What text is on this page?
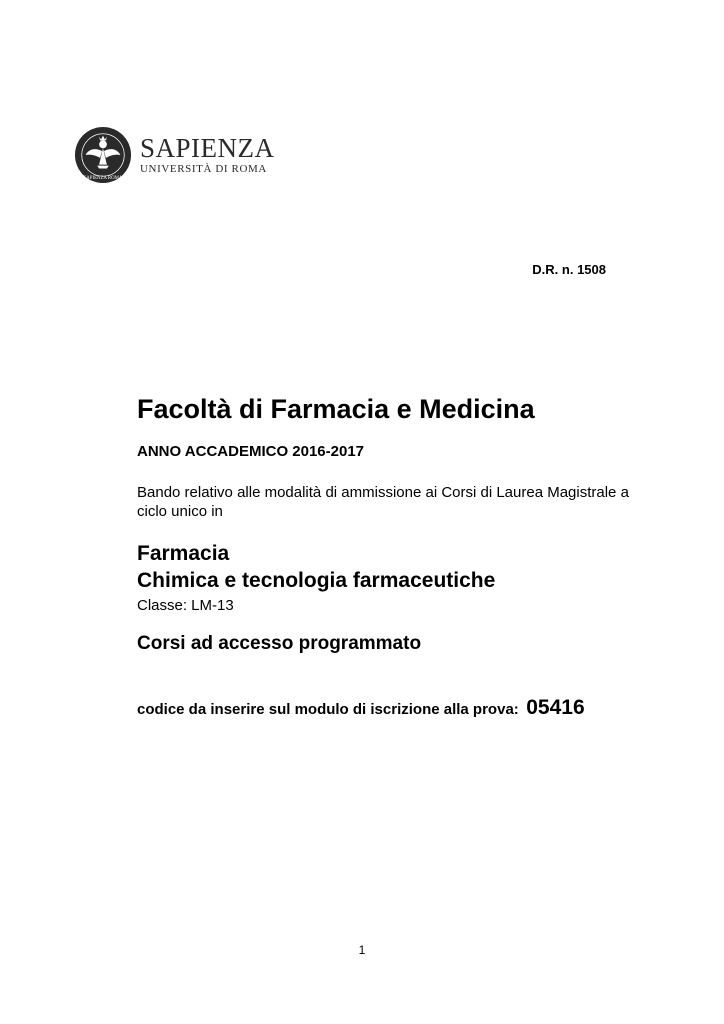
SAPIENZA ROMA
SAPIENZA
UNIVERSITÀ DI ROMA
D.R. n. 1508
Facoltà di Farmacia e Medicina

ANNO ACCADEMICO 2016-2017

Bando relativo alle modalità di ammissione ai Corsi di Laurea Magistrale a ciclo unico in

Farmacia
Chimica e tecnologia farmaceutiche

Classe: LM-13

Corsi ad accesso programmato
codice da inserire sul modulo di iscrizione alla prova: 05416
1
